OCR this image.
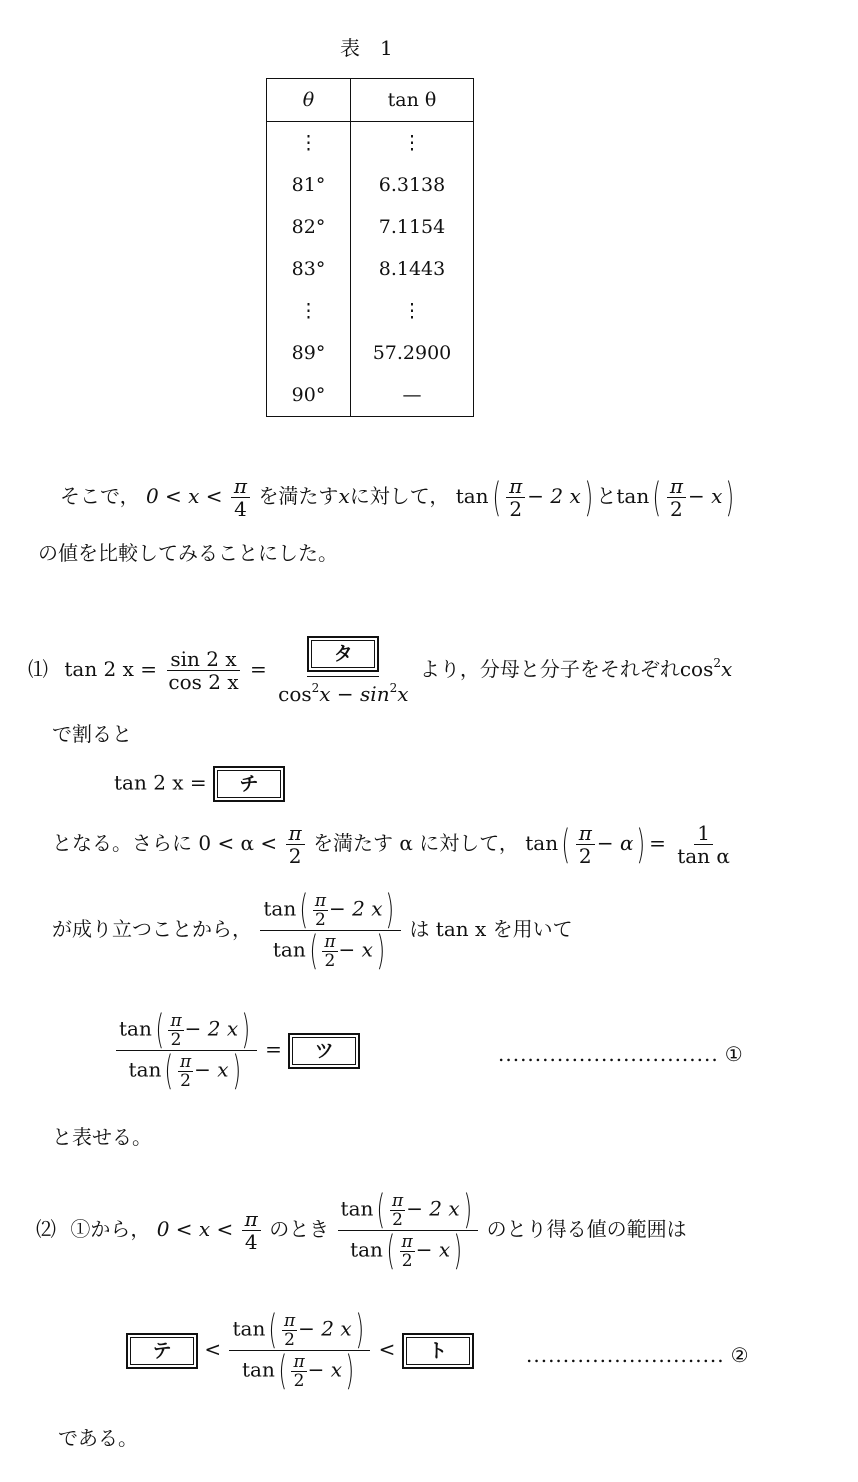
表　1
θ	tan θ
⋮	⋮
81°	6.3138
82°	7.1154
83°	8.1443
⋮	⋮
89°	57.2900
90°	—
そこで， $0 < x < \frac{\pi}{4}$ を満たすxに対して， $\tan( \frac{\pi}{2} - 2$ x) と$\tan( \frac{\pi}{2} - x)$
の値を比較してみることにした。
⑴ tan 2 $x = \frac{\sin 2 x}{\cos 2 x} = \frac{\text{タ}}{\cos^2x - \sin^2x}$ より，分母と分子をそれぞれ$\cos^2x$
で割ると
tan 2 x =	チ
となる。さらに $0 < \alpha < \frac{\pi}{2}$ を満たす α に対して， $\tan( \frac{\pi}{2} - \alpha) = \frac{1}{\text{tan α}}$
が成り立つことから， $\frac{\tan( \frac{\pi}{2} - 2 x)}{\tan( \frac{\pi}{2} - x)}$ は tan x を用いて
$\frac{\tan( \frac{\pi}{2} - 2 x)}{\tan( \frac{\pi}{2} - x)}$ =	ツ	.............................. ①
と表せる。
⑵ ①から， $0 < x < \frac{\pi}{4}$ のとき $\frac{\tan( \frac{\pi}{2} - 2 x)}{\tan( \frac{\pi}{2} - x)}$ のとり得る値の範囲は
テ	< $\frac{\tan( \frac{\pi}{2} - 2 x)}{\tan( \frac{\pi}{2} - x)}$ <	ト	........................... ②
である。
